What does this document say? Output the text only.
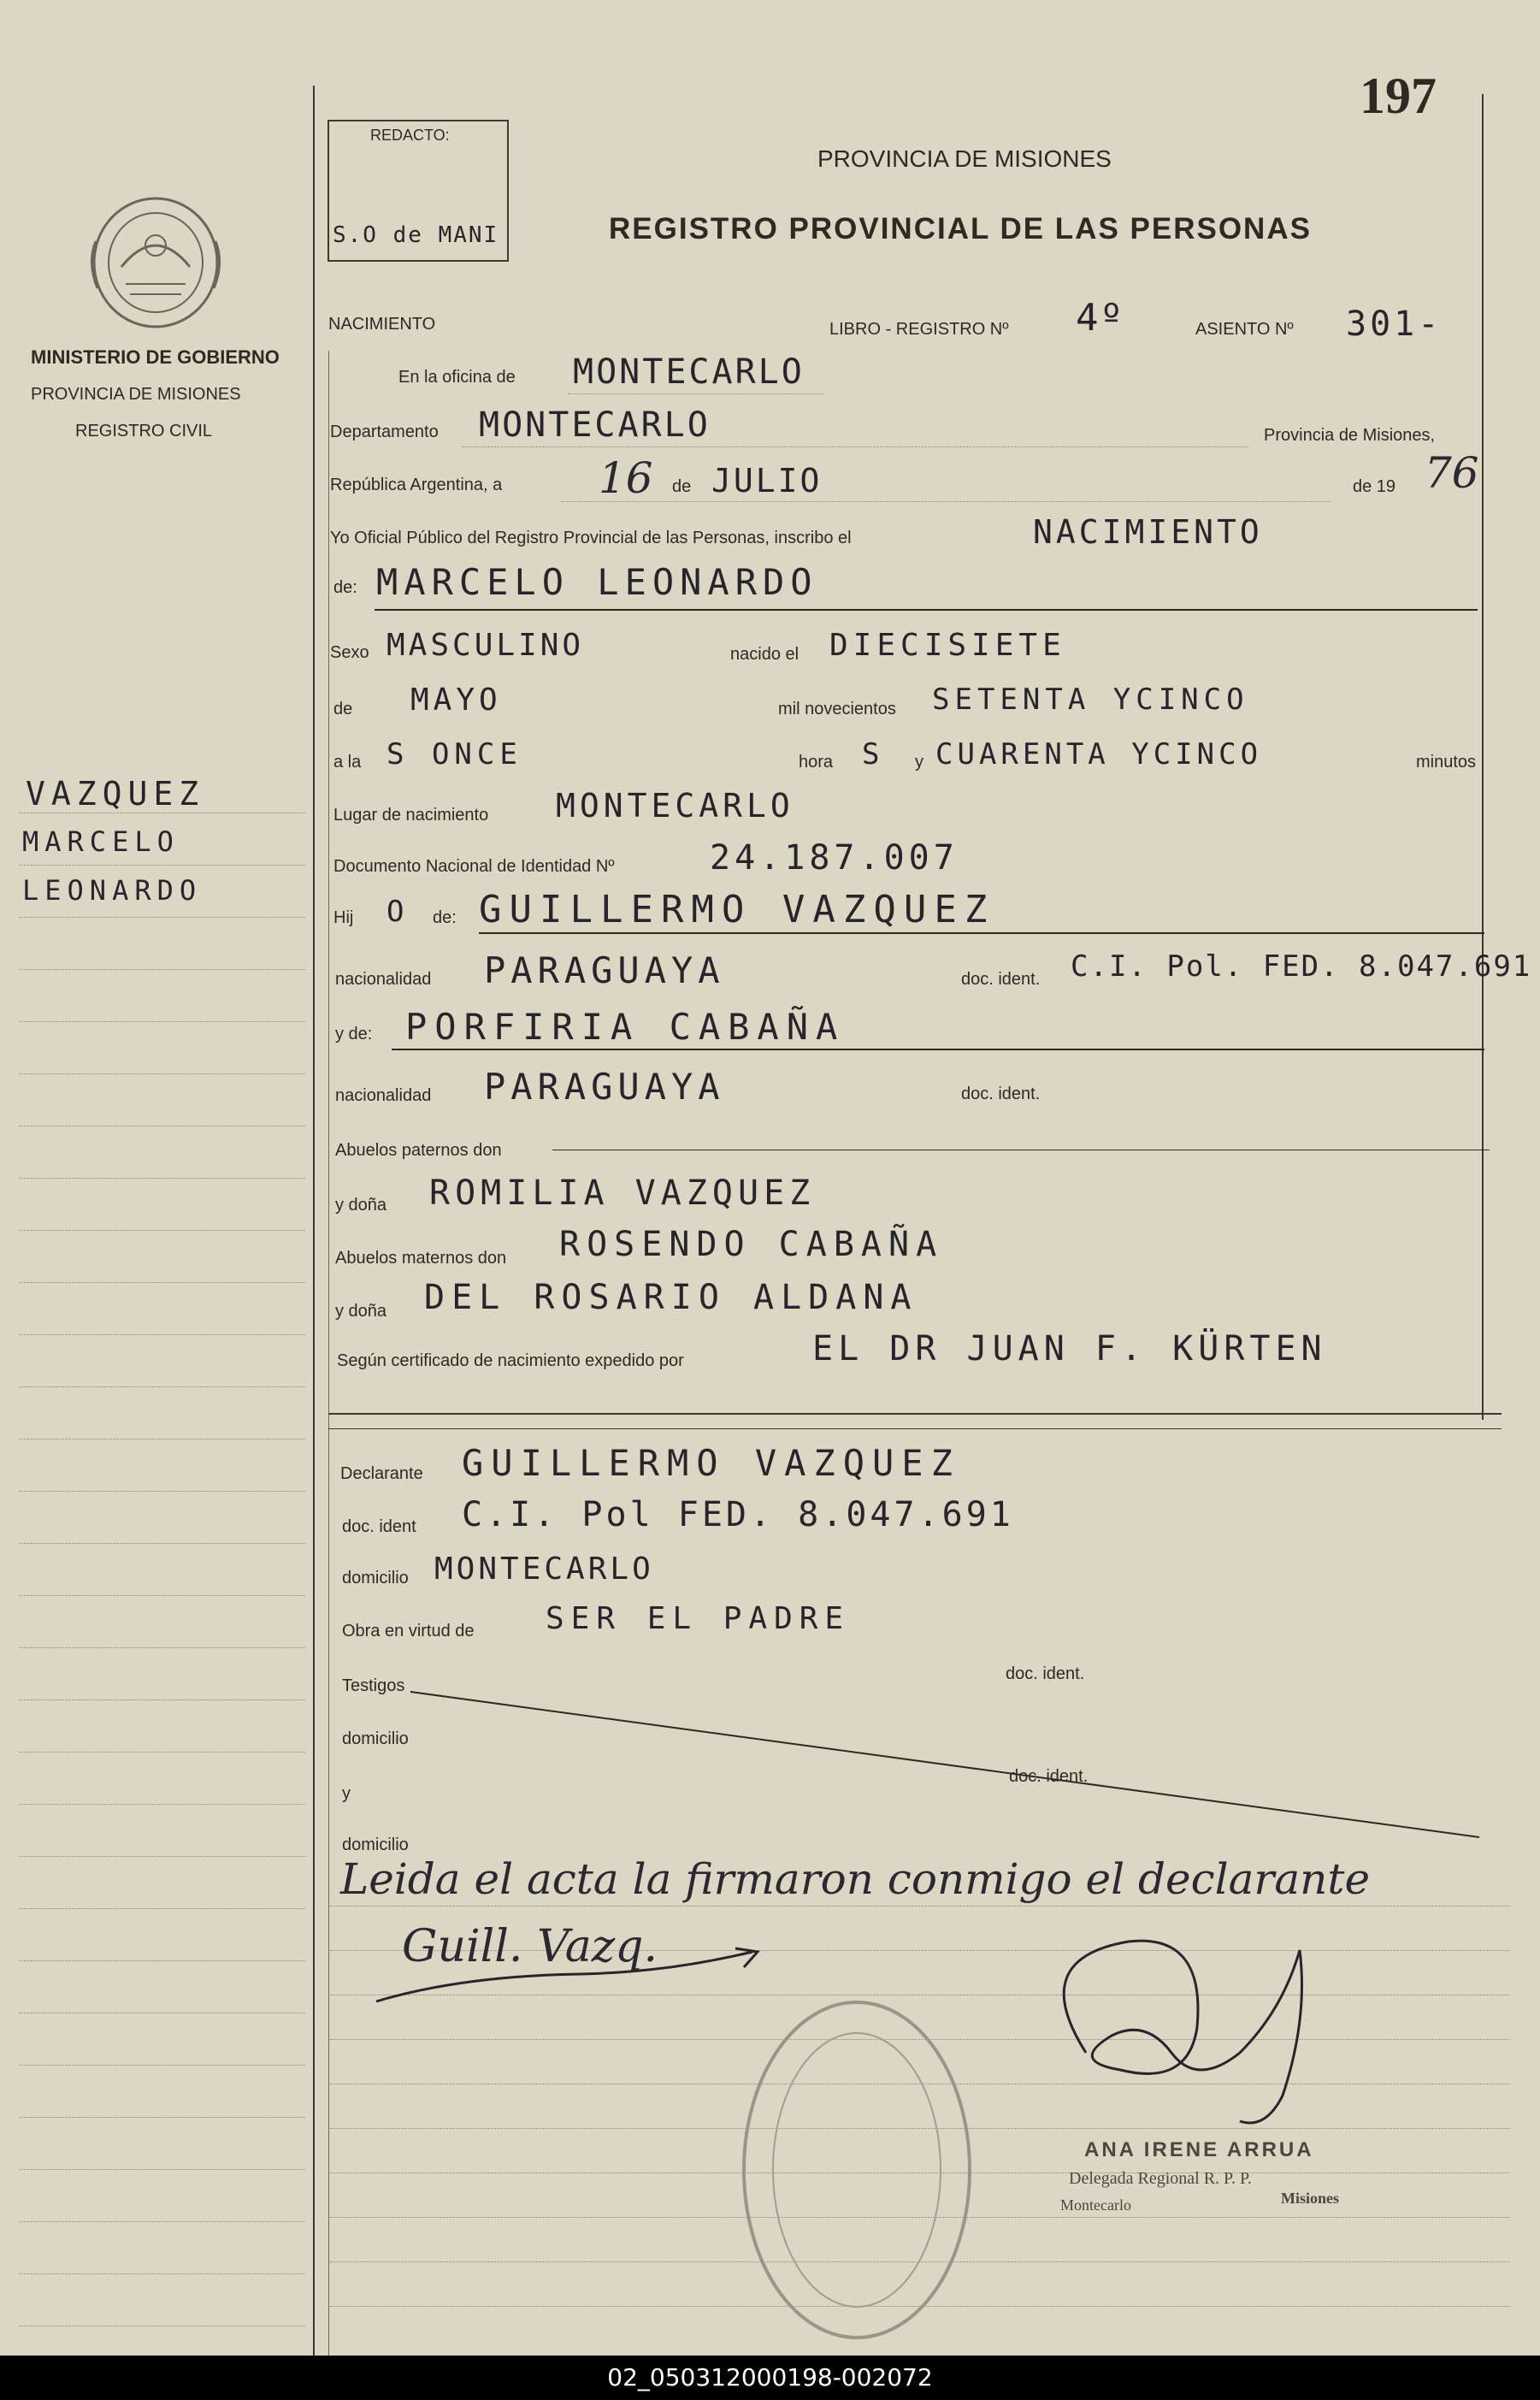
MINISTERIO DE GOBIERNO
PROVINCIA DE MISIONES
REGISTRO CIVIL
VAZQUEZ
MARCELO
LEONARDO
197
REDACTO:
S.O de MANI
PROVINCIA DE MISIONES
REGISTRO PROVINCIAL DE LAS PERSONAS
NACIMIENTO	LIBRO - REGISTRO Nº 4º	ASIENTO Nº 301-
En la oficina de MONTECARLO
Departamento MONTECARLO	Provincia de Misiones,
República Argentina, a 16 de JULIO	de 19 76
Yo Oficial Público del Registro Provincial de las Personas, inscribo el	NACIMIENTO
de: MARCELO LEONARDO
Sexo MASCULINO	nacido el DIECISIETE
de MAYO	mil novecientos SETENTA YCINCO
a la S ONCE	hora S y CUARENTA YCINCO	minutos
Lugar de nacimiento MONTECARLO
Documento Nacional de Identidad Nº	24.187.007
Hij O de: GUILLERMO VAZQUEZ
nacionalidad PARAGUAYA	doc. ident. C.I. Pol. FED. 8.047.691
y de: PORFIRIA CABAÑA
nacionalidad PARAGUAYA	doc. ident.
Abuelos paternos don
y doña ROMILIA VAZQUEZ
Abuelos maternos don ROSENDO CABAÑA
y doña DEL ROSARIO ALDANA
Según certificado de nacimiento expedido por	EL DR JUAN F. KÜRTEN
Declarante GUILLERMO VAZQUEZ
doc. ident C.I. Pol FED. 8.047.691
domicilio MONTECARLO
Obra en virtud de SER EL PADRE
Testigos
doc. ident.
domicilio
y
doc. ident.
domicilio
Leida el acta la firmaron conmigo el declarante
Guill. Vazq.
ANA IRENE ARRUA
Delegada Regional R. P. P.
Montecarlo	Misiones
02_050312000198-002072
